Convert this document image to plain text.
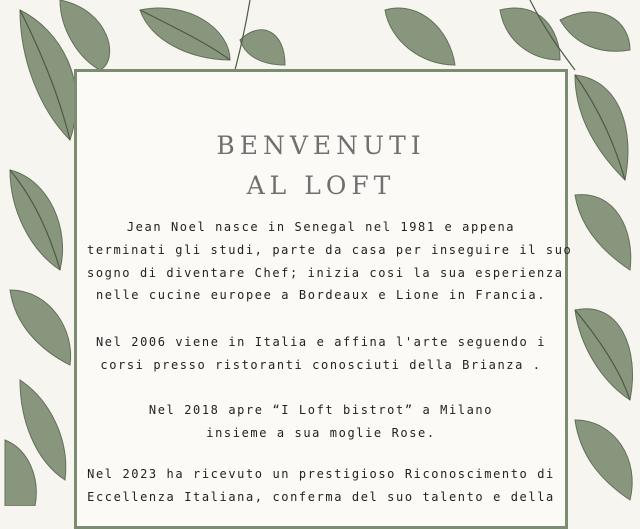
BENVENUTI
AL LOFT

Jean Noel nasce in Senegal nel 1981 e appena
terminati gli studi, parte da casa per inseguire il suo
sogno di diventare Chef; inizia cosi la sua esperienza
nelle cucine europee a Bordeaux e Lione in Francia.

Nel 2006 viene in Italia e affina l'arte seguendo i
corsi presso ristoranti conosciuti della Brianza .

Nel 2018 apre “I Loft bistrot” a Milano
insieme a sua moglie Rose.

Nel 2023 ha ricevuto un prestigioso Riconoscimento di
Eccellenza Italiana, conferma del suo talento e della
